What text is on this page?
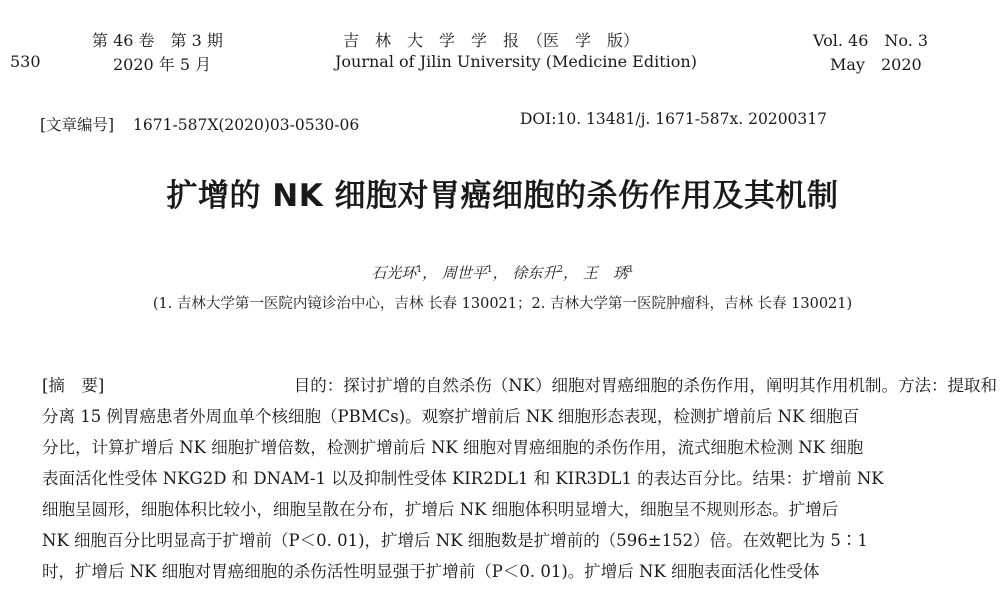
530
第 46 卷　第 3 期
2020 年 5 月
吉　林　大　学　学　报　（医　学　版）
Journal of Jilin University (Medicine Edition)
Vol. 46　No. 3
May　2020
[文章编号] 1671-587Ⅹ(2020)03-0530-06	DOI:10. 13481/j. 1671-587x. 20200317
扩增的 NK 细胞对胃癌细胞的杀伤作用及其机制
石光环$^1$， 周世平$^1$， 徐东升$^2$， 王　琇$^1$
(1. 吉林大学第一医院内镜诊治中心，吉林 长春 130021；2. 吉林大学第一医院肿瘤科，吉林 长春 130021)
[摘　要]	目的：探讨扩增的自然杀伤（NK）细胞对胃癌细胞的杀伤作用，阐明其作用机制。方法：提取和
分离 15 例胃癌患者外周血单个核细胞（PBMCs)。观察扩增前后 NK 细胞形态表现，检测扩增前后 NK 细胞百
分比，计算扩增后 NK 细胞扩增倍数，检测扩增前后 NK 细胞对胃癌细胞的杀伤作用，流式细胞术检测 NK 细胞
表面活化性受体 NKG2D 和 DNAM-1 以及抑制性受体 KIR2DL1 和 KIR3DL1 的表达百分比。结果：扩增前 NK
细胞呈圆形，细胞体积比较小，细胞呈散在分布，扩增后 NK 细胞体积明显增大，细胞呈不规则形态。扩增后
NK 细胞百分比明显高于扩增前（P＜0. 01)，扩增后 NK 细胞数是扩增前的（596±152）倍。在效靶比为 5∶1
时，扩增后 NK 细胞对胃癌细胞的杀伤活性明显强于扩增前（P＜0. 01)。扩增后 NK 细胞表面活化性受体
